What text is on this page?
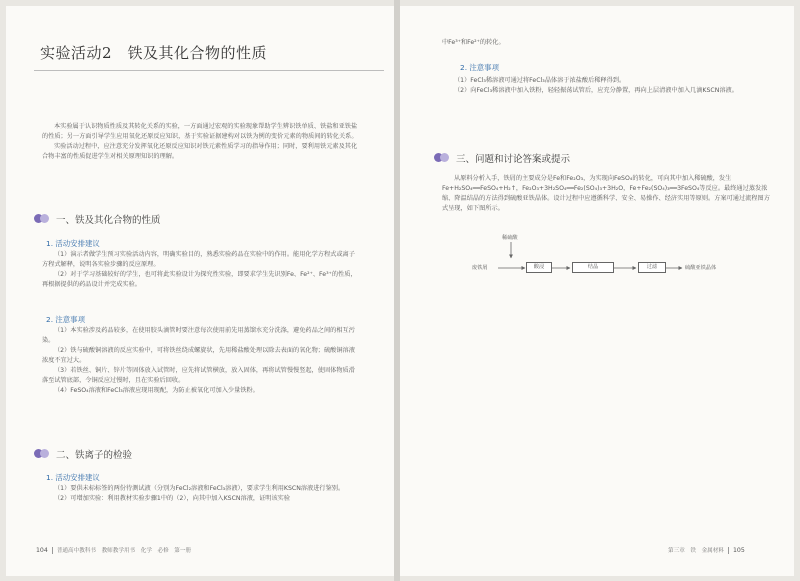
实验活动2　铁及其化合物的性质

本实验属于认识物质性质及其转化关系的实验，一方面通过宏观的实验现象帮助学生辨识铁单质、铁盐和亚铁盐的性质；另一方面引导学生应用氧化还原反应知识，基于实验证据建构对以铁为例的变价元素的物质间的转化关系。

实验活动过程中，应注意充分发挥氧化还原反应知识对铁元素性质学习的指导作用；同时，要利用铁元素及其化合物丰富的性质促进学生对相关原理知识的理解。

一、铁及其化合物的性质
1. 活动安排建议

（1）演示者做学生预习实验活动内容，明确实验目的，熟悉实验药品在实验中的作用。能用化学方程式或离子方程式解释，说明各实验步骤的反应原理。

（2）对于学习基础较好的学生，也可将此实验设计为探究性实验，即要求学生先识别Fe、Fe²⁺、Fe³⁺的性质，再根据提供的药品设计并完成实验。

2. 注意事项

（1）本实验涉及药品较多，在使用胶头滴管时要注意每次使用前先用蒸馏水充分洗涤，避免药品之间的相互污染。

（2）铁与硫酸铜溶液的反应实验中，可将铁丝绕成螺旋状，先用稀盐酸处理以除去表面的氧化物；硫酸铜溶液浓度不宜过大。

（3）若铁丝、铜片、锌片等固体放入试管时，应先将试管横放，放入固体，再将试管慢慢竖起，使固体物质滑落至试管底部，令铜反应过慢时，且在实验后回收。

（4）FeSO₄溶液和FeCl₃溶液应现用现配，为防止被氧化可加入少量铁粉。

二、铁离子的检验
1. 活动安排建议

（1）要供未标标签的两份待测试液（分别为FeCl₂溶液和FeCl₃溶液），要求学生利用KSCN溶液进行鉴别。

（2）可增加实验：利用教材实验步骤1中的（2），向其中加入KSCN溶液，证明该实验

104 普通高中教科书　教师教学用书　化学　必修　第一册
中Fe³⁺和Fe²⁺的转化。
2. 注意事项

（1）FeCl₃稀溶液可通过将FeCl₃晶体溶于浓盐酸后稀释得到。

（2）向FeCl₃稀溶液中加入铁粉，轻轻振荡试管后，应充分静置，再向上层清液中加入几滴KSCN溶液。

三、问题和讨论答案或提示

从原料分析入手，铁屑的主要成分是Fe和Fe₂O₃，为实现向FeSO₄的转化，可向其中加入稀硫酸，发生Fe+H₂SO₄══FeSO₄+H₂↑，Fe₂O₃+3H₂SO₄══Fe₂(SO₄)₃+3H₂O，Fe+Fe₂(SO₄)₃══3FeSO₄等反应。最终通过蒸发浓缩、降温结晶的方法得到硫酸亚铁晶体。设计过程中应遵循科学、安全、易操作、经济实用等原则。方案可通过流程图方式呈现，如下图所示。

稀硫酸
废铁屑	酸浸	结晶	过滤	硫酸亚铁晶体
第三章　铁　金属材料 105
